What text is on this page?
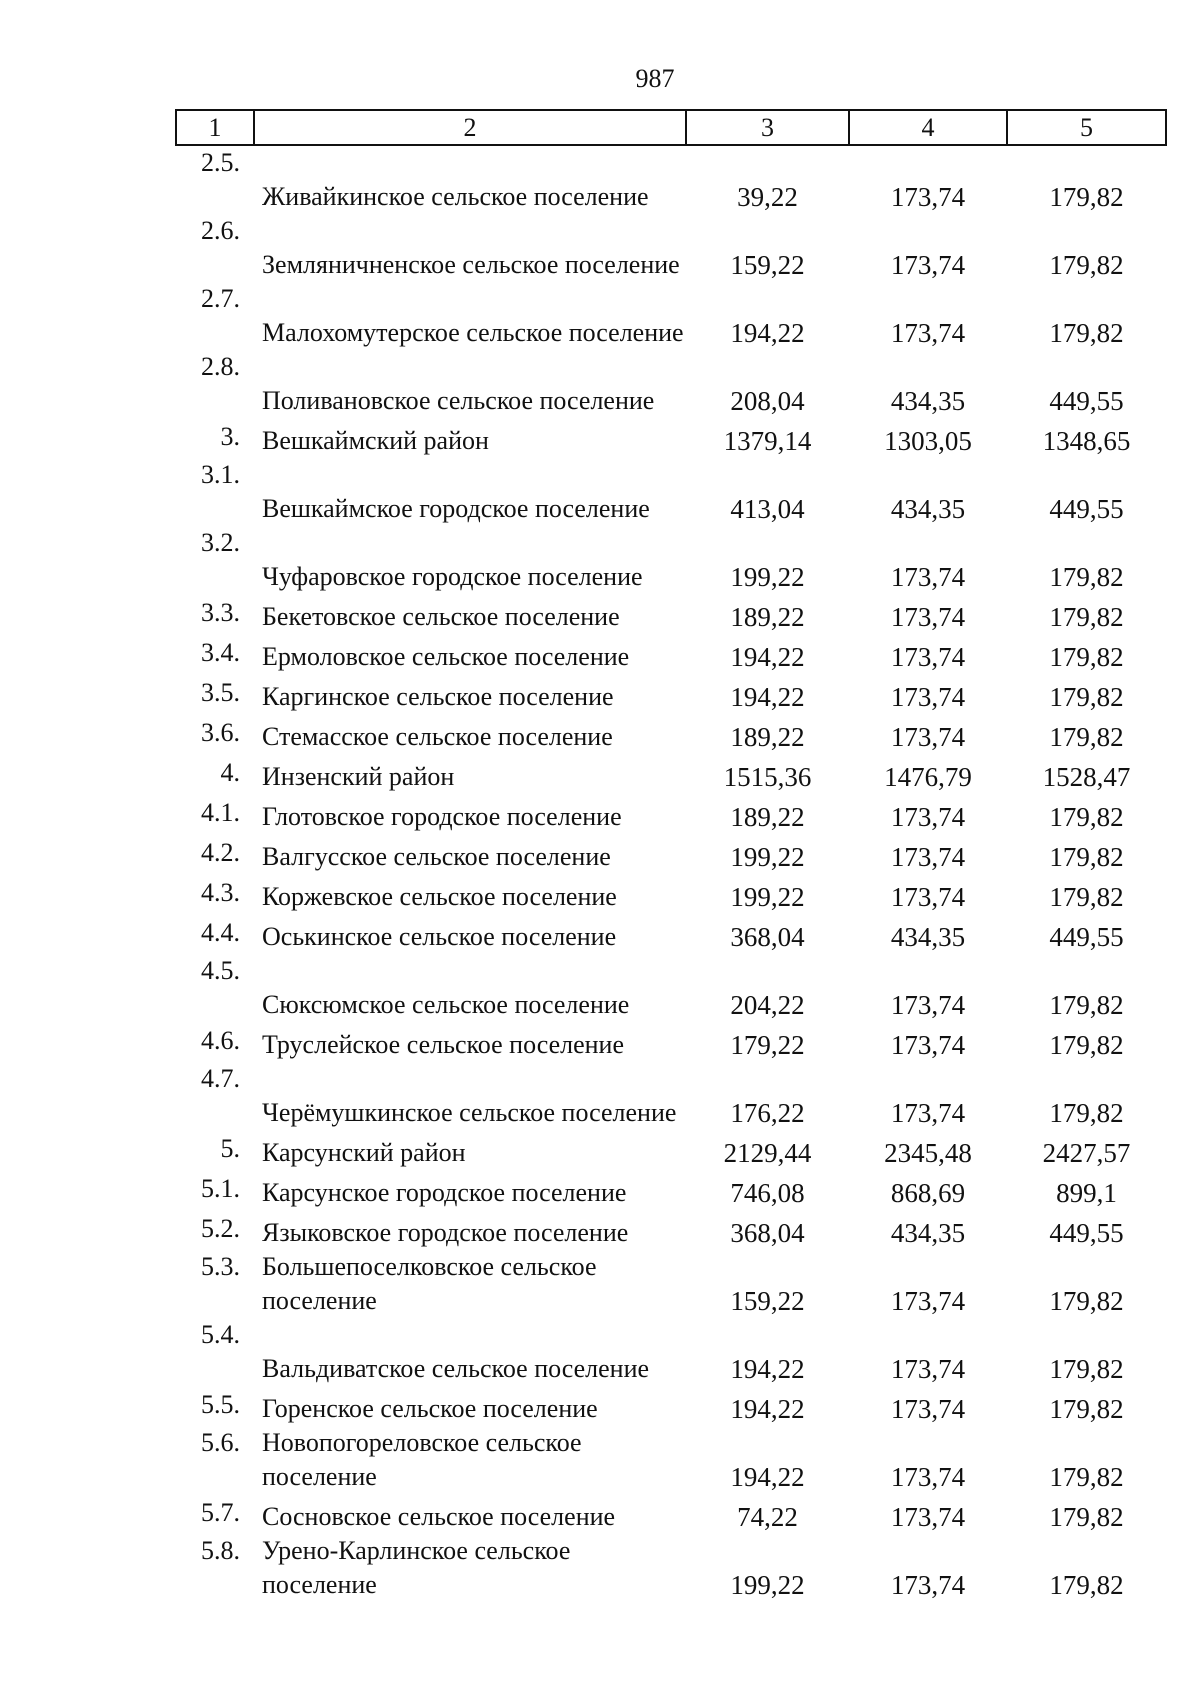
987
1	2	3	4	5
2.5.	Живайкинское сельское поселение	39,22	173,74	179,82
2.6.	Земляничненское сельское поселение	159,22	173,74	179,82
2.7.	Малохомутерское сельское поселение	194,22	173,74	179,82
2.8.	Поливановское сельское поселение	208,04	434,35	449,55
3.	Вешкаймский район	1379,14	1303,05	1348,65
3.1.	Вешкаймское городское поселение	413,04	434,35	449,55
3.2.	Чуфаровское городское поселение	199,22	173,74	179,82
3.3.	Бекетовское сельское поселение	189,22	173,74	179,82
3.4.	Ермоловское сельское поселение	194,22	173,74	179,82
3.5.	Каргинское сельское поселение	194,22	173,74	179,82
3.6.	Стемасское сельское поселение	189,22	173,74	179,82
4.	Инзенский район	1515,36	1476,79	1528,47
4.1.	Глотовское городское поселение	189,22	173,74	179,82
4.2.	Валгусское сельское поселение	199,22	173,74	179,82
4.3.	Коржевское сельское поселение	199,22	173,74	179,82
4.4.	Оськинское сельское поселение	368,04	434,35	449,55
4.5.	Сюксюмское сельское поселение	204,22	173,74	179,82
4.6.	Труслейское сельское поселение	179,22	173,74	179,82
4.7.	Черёмушкинское сельское поселение	176,22	173,74	179,82
5.	Карсунский район	2129,44	2345,48	2427,57
5.1.	Карсунское городское поселение	746,08	868,69	899,1
5.2.	Языковское городское поселение	368,04	434,35	449,55
5.3.	Большепоселковское сельское поселение	159,22	173,74	179,82
5.4.	Вальдиватское сельское поселение	194,22	173,74	179,82
5.5.	Горенское сельское поселение	194,22	173,74	179,82
5.6.	Новопогореловское сельское поселение	194,22	173,74	179,82
5.7.	Сосновское сельское поселение	74,22	173,74	179,82
5.8.	Урено-Карлинское сельское поселение	199,22	173,74	179,82
